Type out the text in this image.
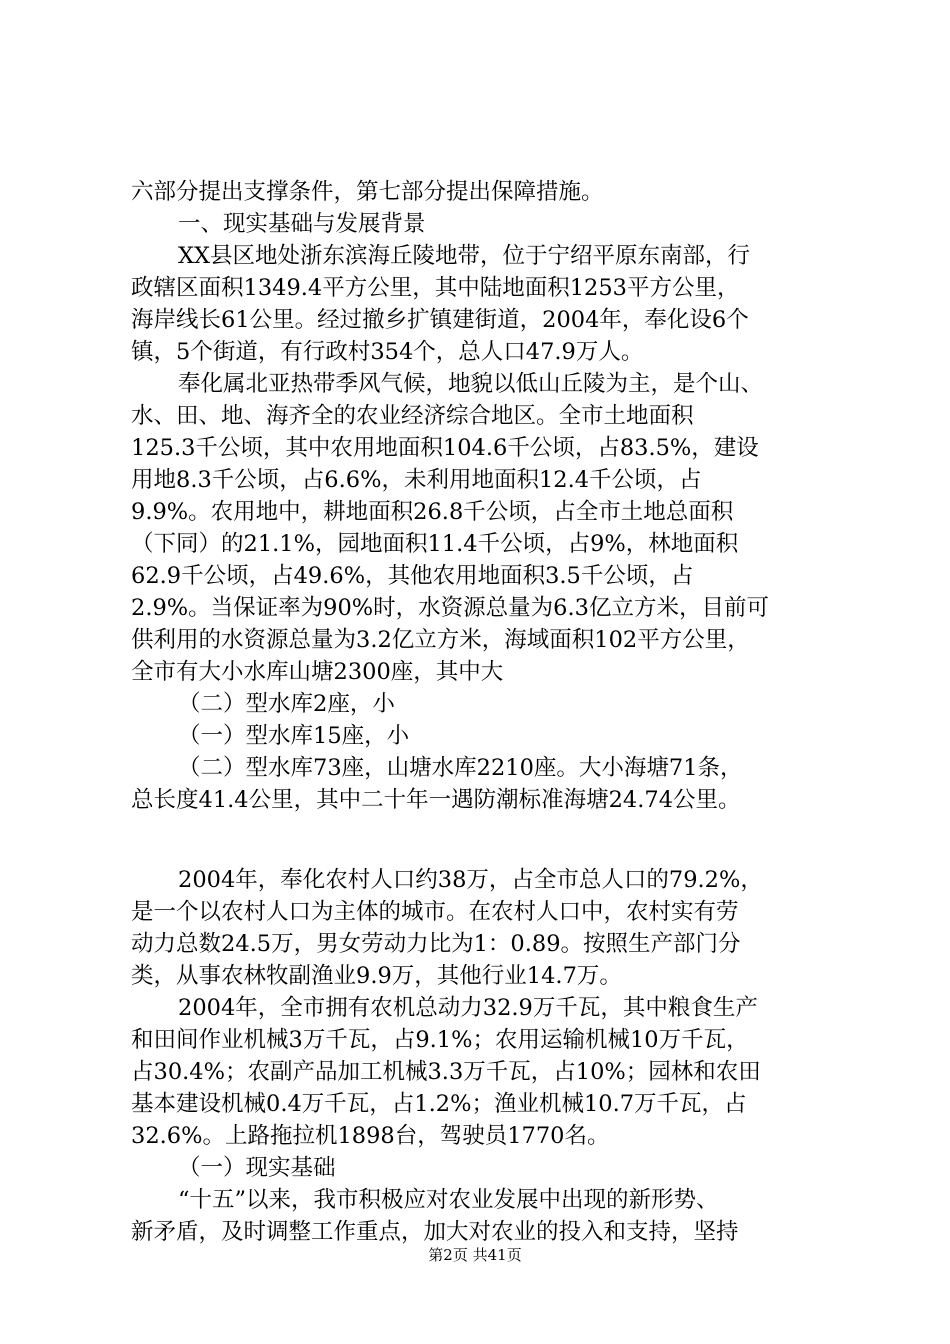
六部分提出支撑条件，第七部分提出保障措施。
一、现实基础与发展背景
XX县区地处浙东滨海丘陵地带，位于宁绍平原东南部，行
政辖区面积1349.4平方公里，其中陆地面积1253平方公里，
海岸线长61公里。经过撤乡扩镇建街道，2004年，奉化设6个
镇，5个街道，有行政村354个，总人口47.9万人。
奉化属北亚热带季风气候，地貌以低山丘陵为主，是个山、
水、田、地、海齐全的农业经济综合地区。全市土地面积
125.3千公顷，其中农用地面积104.6千公顷，占83.5%，建设
用地8.3千公顷，占6.6%，未利用地面积12.4千公顷，占
9.9%。农用地中，耕地面积26.8千公顷，占全市土地总面积
（下同）的21.1%，园地面积11.4千公顷，占9%，林地面积
62.9千公顷，占49.6%，其他农用地面积3.5千公顷，占
2.9%。当保证率为90%时，水资源总量为6.3亿立方米，目前可
供利用的水资源总量为3.2亿立方米，海域面积102平方公里，
全市有大小水库山塘2300座，其中大
（二）型水库2座，小
（一）型水库15座，小
（二）型水库73座，山塘水库2210座。大小海塘71条，
总长度41.4公里，其中二十年一遇防潮标准海塘24.74公里。
2004年，奉化农村人口约38万，占全市总人口的79.2%，
是一个以农村人口为主体的城市。在农村人口中，农村实有劳
动力总数24.5万，男女劳动力比为1：0.89。按照生产部门分
类，从事农林牧副渔业9.9万，其他行业14.7万。
2004年，全市拥有农机总动力32.9万千瓦，其中粮食生产
和田间作业机械3万千瓦，占9.1%；农用运输机械10万千瓦，
占30.4%；农副产品加工机械3.3万千瓦，占10%；园林和农田
基本建设机械0.4万千瓦，占1.2%；渔业机械10.7万千瓦，占
32.6%。上路拖拉机1898台，驾驶员1770名。
（一）现实基础
“十五”以来，我市积极应对农业发展中出现的新形势、
新矛盾，及时调整工作重点，加大对农业的投入和支持，坚持
第2页 共41页
